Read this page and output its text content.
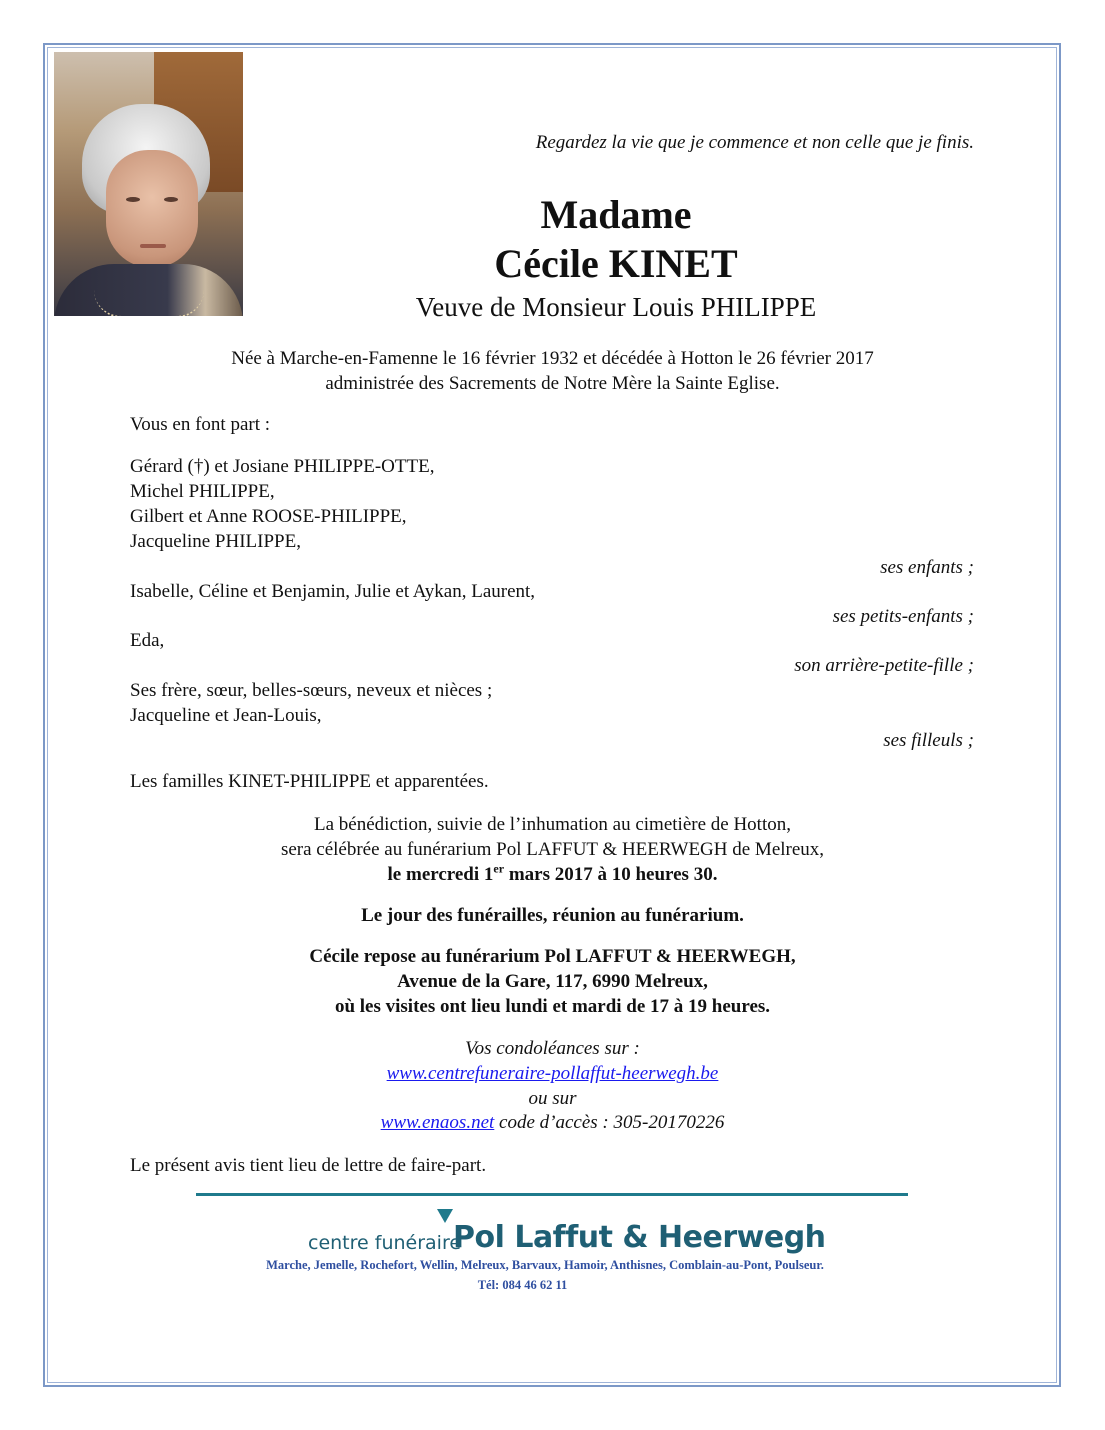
Regardez la vie que je commence et non celle que je finis.
Madame
Cécile KINET
Veuve de Monsieur Louis PHILIPPE
Née à Marche-en-Famenne le 16 février 1932 et décédée à Hotton le 26 février 2017
administrée des Sacrements de Notre Mère la Sainte Eglise.
Vous en font part :
Gérard (†) et Josiane PHILIPPE-OTTE,
Michel PHILIPPE,
Gilbert et Anne ROOSE-PHILIPPE,
Jacqueline PHILIPPE,
ses enfants ;
Isabelle, Céline et Benjamin, Julie et Aykan, Laurent,
ses petits-enfants ;
Eda,
son arrière-petite-fille ;
Ses frère, sœur, belles-sœurs, neveux et nièces ;
Jacqueline et Jean-Louis,
ses filleuls ;
Les familles KINET-PHILIPPE et apparentées.
La bénédiction, suivie de l’inhumation au cimetière de Hotton,
sera célébrée au funérarium Pol LAFFUT & HEERWEGH de Melreux,
le mercredi 1er mars 2017 à 10 heures 30.
Le jour des funérailles, réunion au funérarium.
Cécile repose au funérarium Pol LAFFUT & HEERWEGH,
Avenue de la Gare, 117, 6990 Melreux,
où les visites ont lieu lundi et mardi de 17 à 19 heures.
Vos condoléances sur :
www.centrefuneraire-pollaffut-heerwegh.be
ou sur
www.enaos.net code d’accès : 305-20170226
Le présent avis tient lieu de lettre de faire-part.
centre funéraire
Pol Laffut & Heerwegh
Marche, Jemelle, Rochefort, Wellin, Melreux, Barvaux, Hamoir, Anthisnes, Comblain-au-Pont, Poulseur.
Tél: 084 46 62 11
